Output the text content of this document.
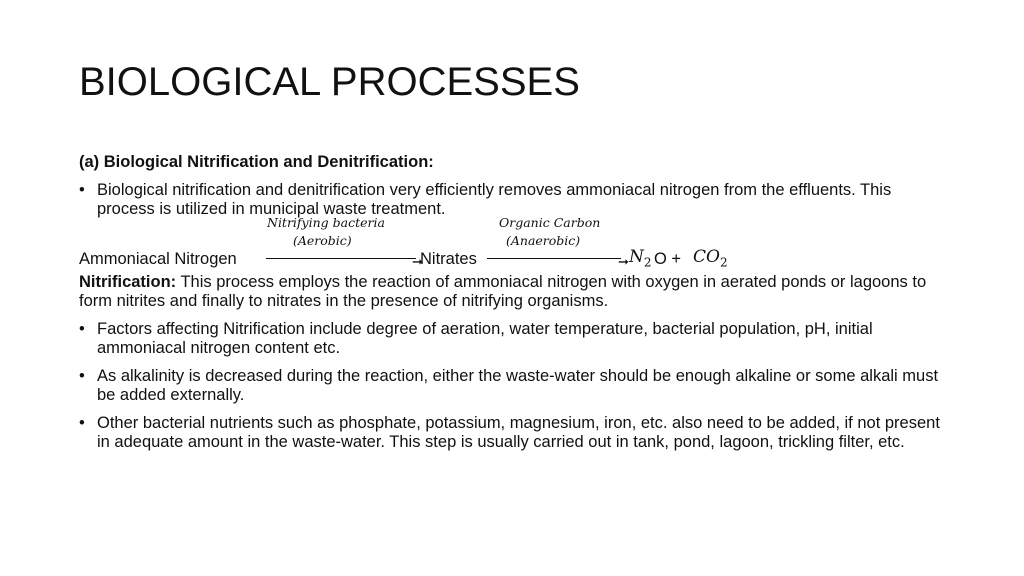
BIOLOGICAL PROCESSES
(a) Biological Nitrification and Denitrification:
• Biological nitrification and denitrification very efficiently removes ammoniacal nitrogen from the effluents. This process is utilized in municipal waste treatment.
Ammoniacal Nitrogen
Nitrifying bacteria
(Aerobic)
➞
Nitrates
Organic Carbon
(Anaerobic)
➞ $N_2$ $O + CO_2$
Nitrification: This process employs the reaction of ammoniacal nitrogen with oxygen in aerated ponds or lagoons to form nitrites and finally to nitrates in the presence of nitrifying organisms.
• Factors affecting Nitrification include degree of aeration, water temperature, bacterial population, pH, initial ammoniacal nitrogen content etc.
• As alkalinity is decreased during the reaction, either the waste-water should be enough alkaline or some alkali must be added externally.
• Other bacterial nutrients such as phosphate, potassium, magnesium, iron, etc. also need to be added, if not present in adequate amount in the waste-water. This step is usually carried out in tank, pond, lagoon, trickling filter, etc.
